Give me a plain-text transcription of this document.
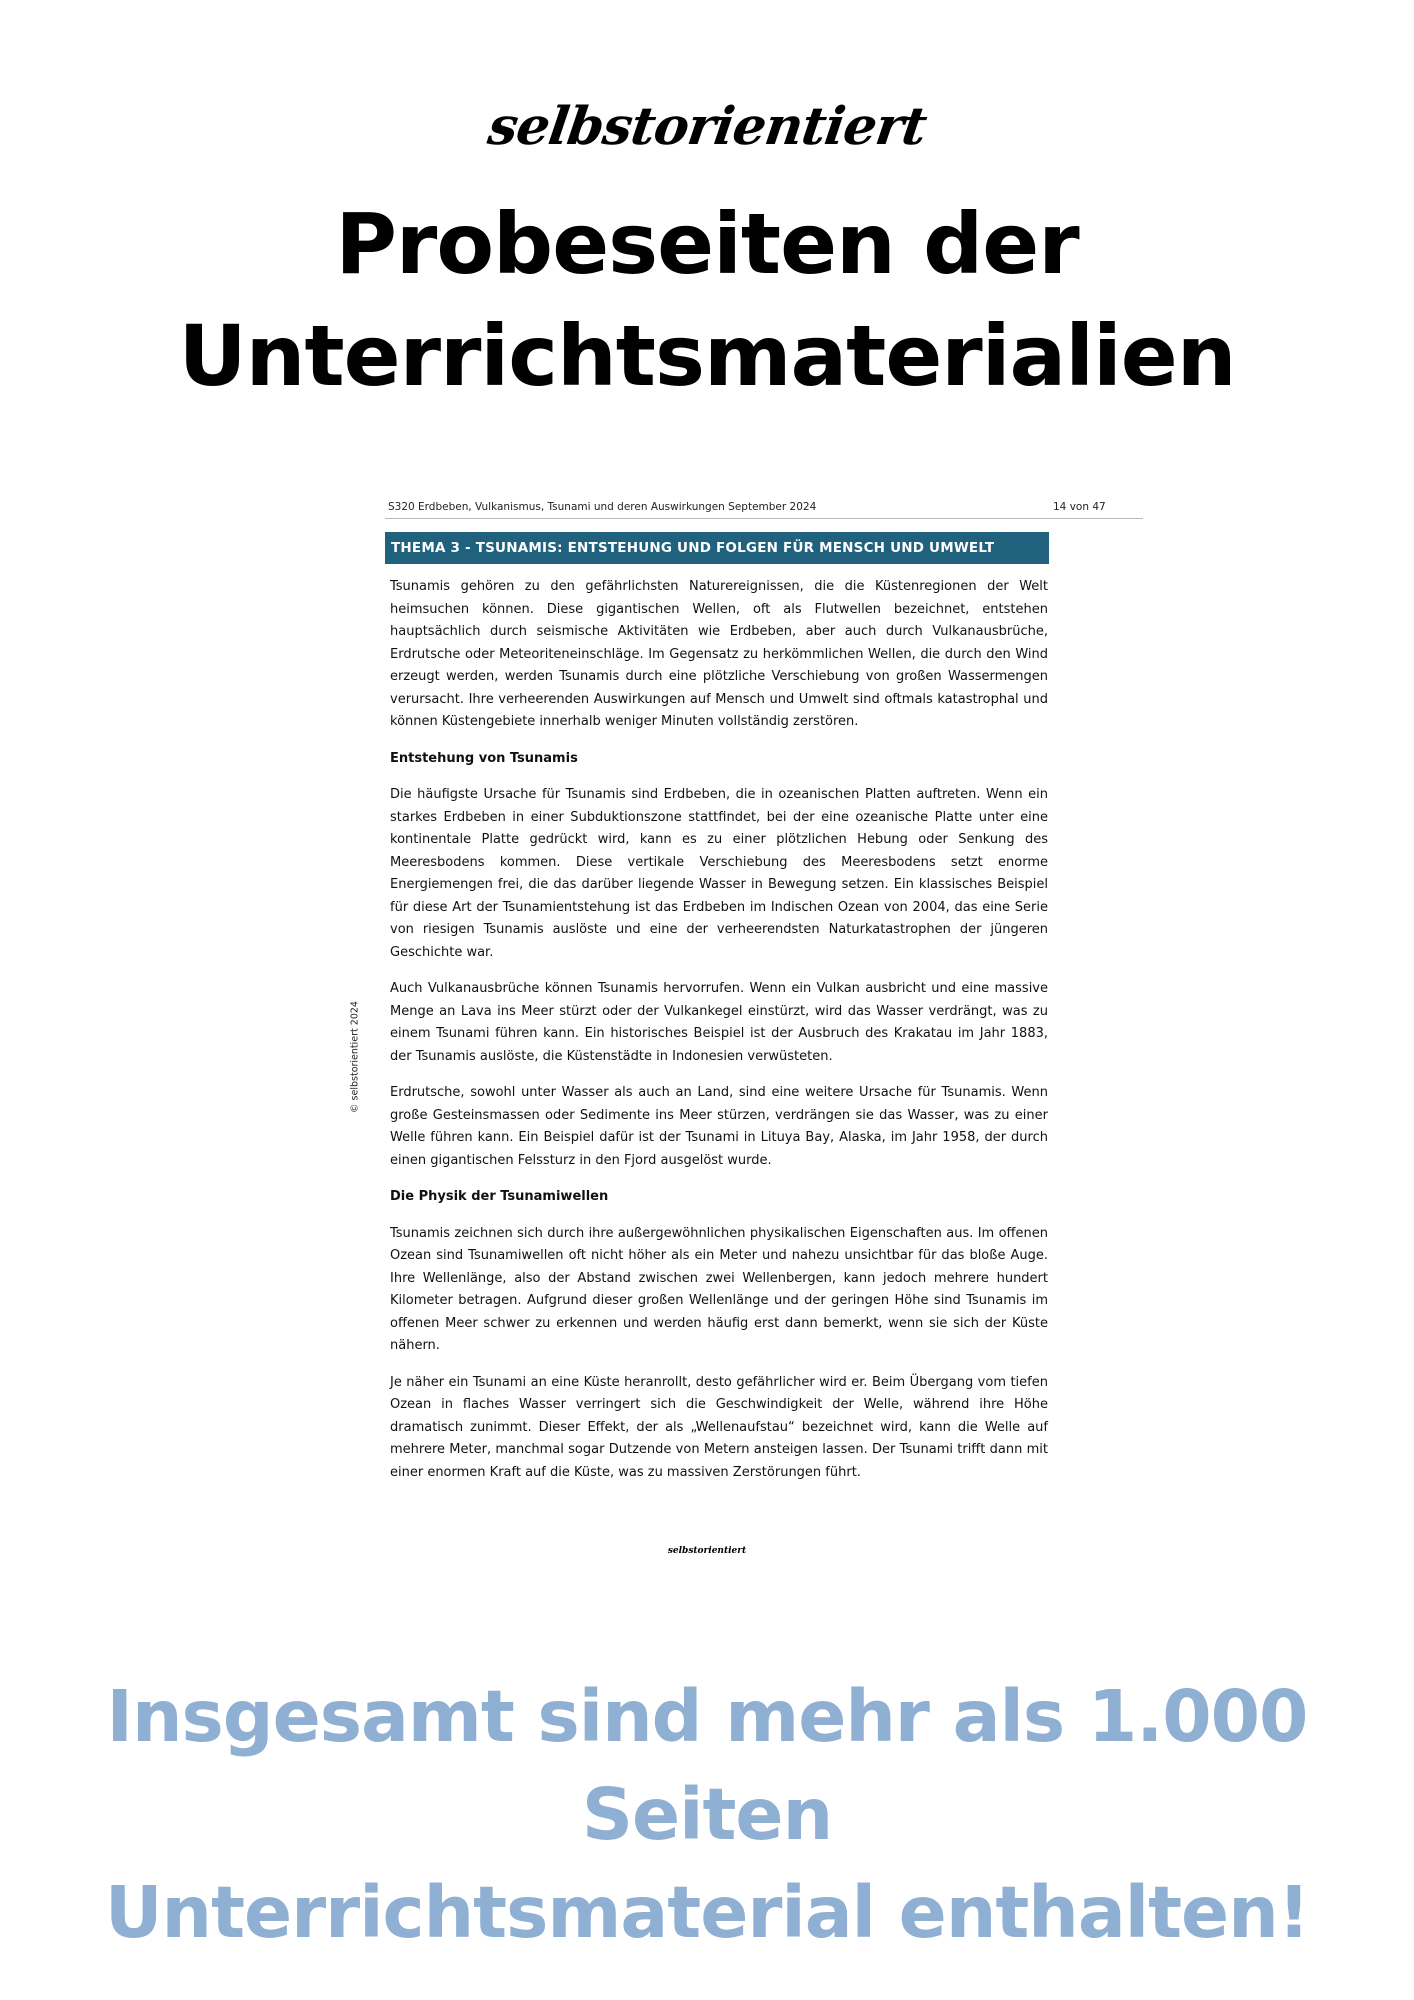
selbstorientiert
Probeseiten der
Unterrichtsmaterialien
© selbstorientiert 2024
S320 Erdbeben, Vulkanismus, Tsunami und deren Auswirkungen September 2024	14 von 47
THEMA 3 - TSUNAMIS: ENTSTEHUNG UND FOLGEN FÜR MENSCH UND UMWELT

Tsunamis gehören zu den gefährlichsten Naturereignissen, die die Küstenregionen der Welt heimsuchen können. Diese gigantischen Wellen, oft als Flutwellen bezeichnet, entstehen hauptsächlich durch seismische Aktivitäten wie Erdbeben, aber auch durch Vulkanausbrüche, Erdrutsche oder Meteoriteneinschläge. Im Gegensatz zu herkömmlichen Wellen, die durch den Wind erzeugt werden, werden Tsunamis durch eine plötzliche Verschiebung von großen Wassermengen verursacht. Ihre verheerenden Auswirkungen auf Mensch und Umwelt sind oftmals katastrophal und können Küstengebiete innerhalb weniger Minuten vollständig zerstören.

Entstehung von Tsunamis

Die häufigste Ursache für Tsunamis sind Erdbeben, die in ozeanischen Platten auftreten. Wenn ein starkes Erdbeben in einer Subduktionszone stattfindet, bei der eine ozeanische Platte unter eine kontinentale Platte gedrückt wird, kann es zu einer plötzlichen Hebung oder Senkung des Meeresbodens kommen. Diese vertikale Verschiebung des Meeresbodens setzt enorme Energiemengen frei, die das darüber liegende Wasser in Bewegung setzen. Ein klassisches Beispiel für diese Art der Tsunamientstehung ist das Erdbeben im Indischen Ozean von 2004, das eine Serie von riesigen Tsunamis auslöste und eine der verheerendsten Naturkatastrophen der jüngeren Geschichte war.

Auch Vulkanausbrüche können Tsunamis hervorrufen. Wenn ein Vulkan ausbricht und eine massive Menge an Lava ins Meer stürzt oder der Vulkankegel einstürzt, wird das Wasser verdrängt, was zu einem Tsunami führen kann. Ein historisches Beispiel ist der Ausbruch des Krakatau im Jahr 1883, der Tsunamis auslöste, die Küstenstädte in Indonesien verwüsteten.

Erdrutsche, sowohl unter Wasser als auch an Land, sind eine weitere Ursache für Tsunamis. Wenn große Gesteinsmassen oder Sedimente ins Meer stürzen, verdrängen sie das Wasser, was zu einer Welle führen kann. Ein Beispiel dafür ist der Tsunami in Lituya Bay, Alaska, im Jahr 1958, der durch einen gigantischen Felssturz in den Fjord ausgelöst wurde.

Die Physik der Tsunamiwellen

Tsunamis zeichnen sich durch ihre außergewöhnlichen physikalischen Eigenschaften aus. Im offenen Ozean sind Tsunamiwellen oft nicht höher als ein Meter und nahezu unsichtbar für das bloße Auge. Ihre Wellenlänge, also der Abstand zwischen zwei Wellenbergen, kann jedoch mehrere hundert Kilometer betragen. Aufgrund dieser großen Wellenlänge und der geringen Höhe sind Tsunamis im offenen Meer schwer zu erkennen und werden häufig erst dann bemerkt, wenn sie sich der Küste nähern.

Je näher ein Tsunami an eine Küste heranrollt, desto gefährlicher wird er. Beim Übergang vom tiefen Ozean in flaches Wasser verringert sich die Geschwindigkeit der Welle, während ihre Höhe dramatisch zunimmt. Dieser Effekt, der als „Wellenaufstau“ bezeichnet wird, kann die Welle auf mehrere Meter, manchmal sogar Dutzende von Metern ansteigen lassen. Der Tsunami trifft dann mit einer enormen Kraft auf die Küste, was zu massiven Zerstörungen führt.

selbstorientiert
Insgesamt sind mehr als 1.000 Seiten
Unterrichtsmaterial enthalten!
